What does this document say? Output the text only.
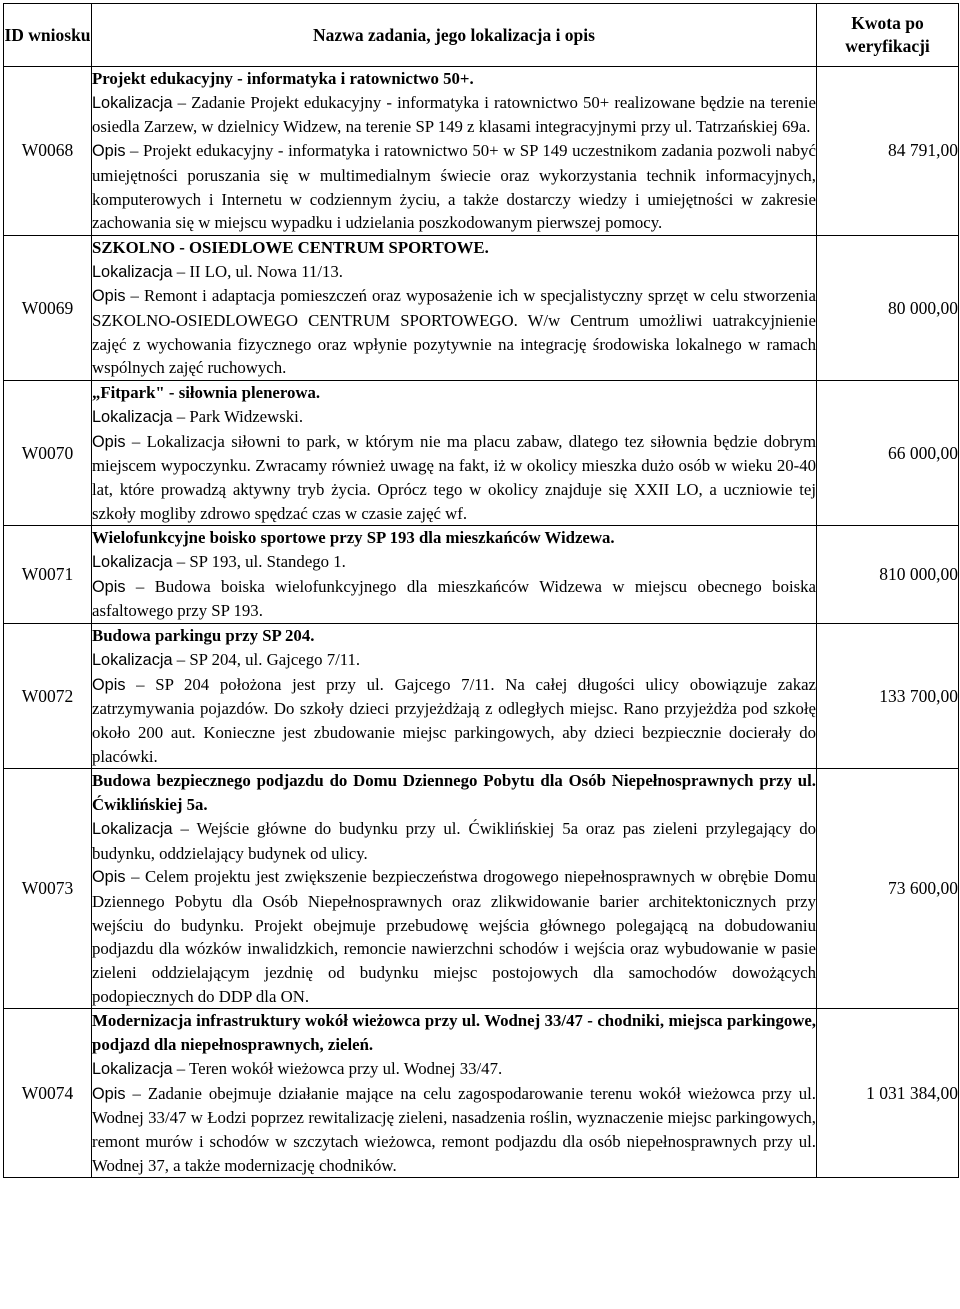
ID wniosku	Nazwa zadania, jego lokalizacja i opis	Kwota po weryfikacji
W0068	Projekt edukacyjny - informatyka i ratownictwo 50+.
Lokalizacja – Zadanie Projekt edukacyjny - informatyka i ratownictwo 50+ realizowane będzie na terenie osiedla Zarzew, w dzielnicy Widzew, na terenie SP 149 z klasami integracyjnymi przy ul. Tatrzańskiej 69a.
Opis – Projekt edukacyjny - informatyka i ratownictwo 50+ w SP 149 uczestnikom zadania pozwoli nabyć umiejętności poruszania się w multimedialnym świecie oraz wykorzystania technik informacyjnych, komputerowych i Internetu w codziennym życiu, a także dostarczy wiedzy i umiejętności w zakresie zachowania się w miejscu wypadku i udzielania poszkodowanym pierwszej pomocy.	84 791,00
W0069	SZKOLNO - OSIEDLOWE CENTRUM SPORTOWE.
Lokalizacja – II LO, ul. Nowa 11/13.
Opis – Remont i adaptacja pomieszczeń oraz wyposażenie ich w specjalistyczny sprzęt w celu stworzenia SZKOLNO-OSIEDLOWEGO CENTRUM SPORTOWEGO. W/w Centrum umożliwi uatrakcyjnienie zajęć z wychowania fizycznego oraz wpłynie pozytywnie na integrację środowiska lokalnego w ramach wspólnych zajęć ruchowych.	80 000,00
W0070	„Fitpark" - siłownia plenerowa.
Lokalizacja – Park Widzewski.
Opis – Lokalizacja siłowni to park, w którym nie ma placu zabaw, dlatego tez siłownia będzie dobrym miejscem wypoczynku. Zwracamy również uwagę na fakt, iż w okolicy mieszka dużo osób w wieku 20-40 lat, które prowadzą aktywny tryb życia. Oprócz tego w okolicy znajduje się XXII LO, a uczniowie tej szkoły mogliby zdrowo spędzać czas w czasie zajęć wf.	66 000,00
W0071	Wielofunkcyjne boisko sportowe przy SP 193 dla mieszkańców Widzewa.
Lokalizacja – SP 193, ul. Standego 1.
Opis – Budowa boiska wielofunkcyjnego dla mieszkańców Widzewa w miejscu obecnego boiska asfaltowego przy SP 193.	810 000,00
W0072	Budowa parkingu przy SP 204.
Lokalizacja – SP 204, ul. Gajcego 7/11.
Opis – SP 204 położona jest przy ul. Gajcego 7/11. Na całej długości ulicy obowiązuje zakaz zatrzymywania pojazdów. Do szkoły dzieci przyjeżdżają z odległych miejsc. Rano przyjeżdża pod szkołę około 200 aut. Konieczne jest zbudowanie miejsc parkingowych, aby dzieci bezpiecznie docierały do placówki.	133 700,00
W0073	Budowa bezpiecznego podjazdu do Domu Dziennego Pobytu dla Osób Niepełnosprawnych przy ul. Ćwiklińskiej 5a.
Lokalizacja – Wejście główne do budynku przy ul. Ćwiklińskiej 5a oraz pas zieleni przylegający do budynku, oddzielający budynek od ulicy.
Opis – Celem projektu jest zwiększenie bezpieczeństwa drogowego niepełnosprawnych w obrębie Domu Dziennego Pobytu dla Osób Niepełnosprawnych oraz zlikwidowanie barier architektonicznych przy wejściu do budynku. Projekt obejmuje przebudowę wejścia głównego polegającą na dobudowaniu podjazdu dla wózków inwalidzkich, remoncie nawierzchni schodów i wejścia oraz wybudowanie w pasie zieleni oddzielającym jezdnię od budynku miejsc postojowych dla samochodów dowożących podopiecznych do DDP dla ON.	73 600,00
W0074	Modernizacja infrastruktury wokół wieżowca przy ul. Wodnej 33/47 - chodniki, miejsca parkingowe, podjazd dla niepełnosprawnych, zieleń.
Lokalizacja – Teren wokół wieżowca przy ul. Wodnej 33/47.
Opis – Zadanie obejmuje działanie mające na celu zagospodarowanie terenu wokół wieżowca przy ul. Wodnej 33/47 w Łodzi poprzez rewitalizację zieleni, nasadzenia roślin, wyznaczenie miejsc parkingowych, remont murów i schodów w szczytach wieżowca, remont podjazdu dla osób niepełnosprawnych przy ul. Wodnej 37, a także modernizację chodników.	1 031 384,00
